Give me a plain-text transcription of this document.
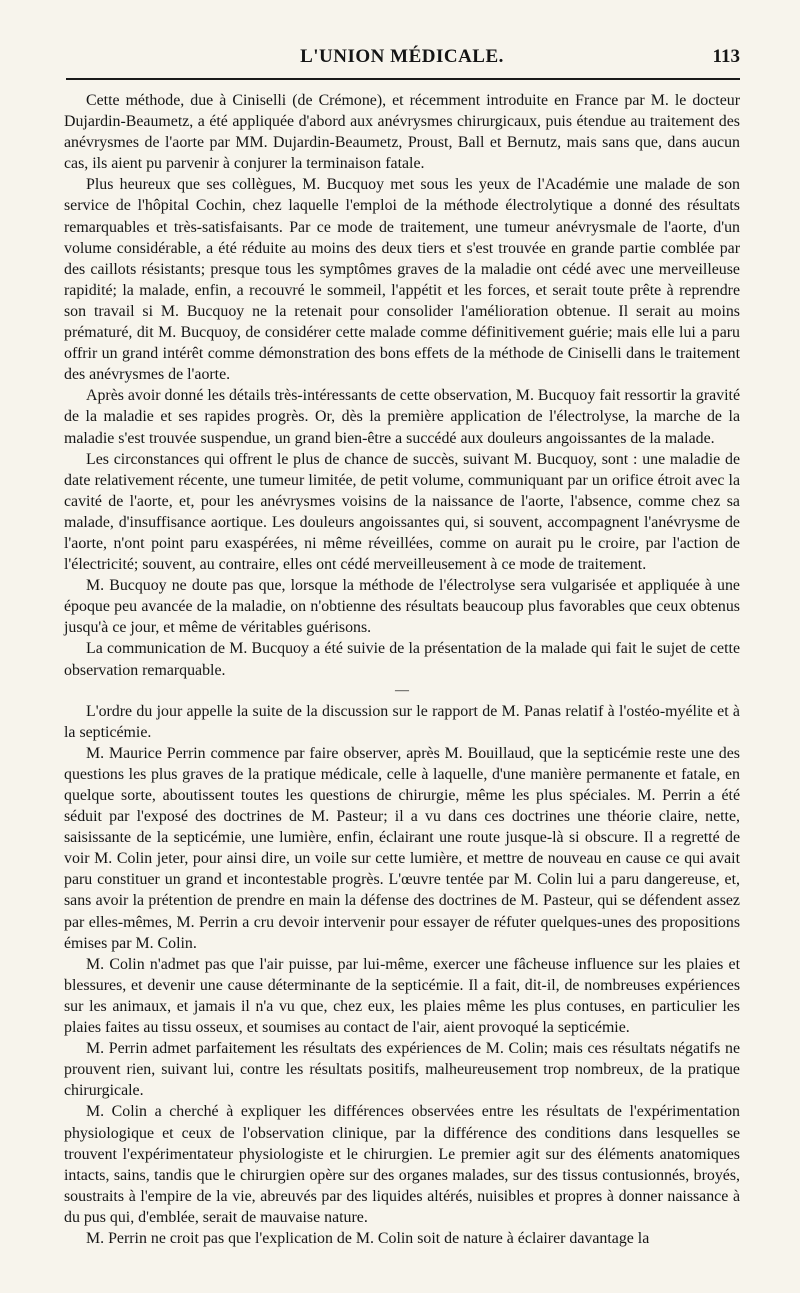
L'UNION MÉDICALE.	113

Cette méthode, due à Ciniselli (de Crémone), et récemment introduite en France par M. le docteur Dujardin-Beaumetz, a été appliquée d'abord aux anévrysmes chirurgicaux, puis étendue au traitement des anévrysmes de l'aorte par MM. Dujardin-Beaumetz, Proust, Ball et Bernutz, mais sans que, dans aucun cas, ils aient pu parvenir à conjurer la terminaison fatale.

Plus heureux que ses collègues, M. Bucquoy met sous les yeux de l'Académie une malade de son service de l'hôpital Cochin, chez laquelle l'emploi de la méthode électrolytique a donné des résultats remarquables et très-satisfaisants. Par ce mode de traitement, une tumeur anévrysmale de l'aorte, d'un volume considérable, a été réduite au moins des deux tiers et s'est trouvée en grande partie comblée par des caillots résistants; presque tous les symptômes graves de la maladie ont cédé avec une merveilleuse rapidité; la malade, enfin, a recouvré le sommeil, l'appétit et les forces, et serait toute prête à reprendre son travail si M. Bucquoy ne la retenait pour consolider l'amélioration obtenue. Il serait au moins prématuré, dit M. Bucquoy, de considérer cette malade comme définitivement guérie; mais elle lui a paru offrir un grand intérêt comme démonstration des bons effets de la méthode de Ciniselli dans le traitement des anévrysmes de l'aorte.

Après avoir donné les détails très-intéressants de cette observation, M. Bucquoy fait ressortir la gravité de la maladie et ses rapides progrès. Or, dès la première application de l'électrolyse, la marche de la maladie s'est trouvée suspendue, un grand bien-être a succédé aux douleurs angoissantes de la malade.

Les circonstances qui offrent le plus de chance de succès, suivant M. Bucquoy, sont : une maladie de date relativement récente, une tumeur limitée, de petit volume, communiquant par un orifice étroit avec la cavité de l'aorte, et, pour les anévrysmes voisins de la naissance de l'aorte, l'absence, comme chez sa malade, d'insuffisance aortique. Les douleurs angoissantes qui, si souvent, accompagnent l'anévrysme de l'aorte, n'ont point paru exaspérées, ni même réveillées, comme on aurait pu le croire, par l'action de l'électricité; souvent, au contraire, elles ont cédé merveilleusement à ce mode de traitement.

M. Bucquoy ne doute pas que, lorsque la méthode de l'électrolyse sera vulgarisée et appliquée à une époque peu avancée de la maladie, on n'obtienne des résultats beaucoup plus favorables que ceux obtenus jusqu'à ce jour, et même de véritables guérisons.

La communication de M. Bucquoy a été suivie de la présentation de la malade qui fait le sujet de cette observation remarquable.

—

L'ordre du jour appelle la suite de la discussion sur le rapport de M. Panas relatif à l'ostéo-myélite et à la septicémie.

M. Maurice Perrin commence par faire observer, après M. Bouillaud, que la septicémie reste une des questions les plus graves de la pratique médicale, celle à laquelle, d'une manière permanente et fatale, en quelque sorte, aboutissent toutes les questions de chirurgie, même les plus spéciales. M. Perrin a été séduit par l'exposé des doctrines de M. Pasteur; il a vu dans ces doctrines une théorie claire, nette, saisissante de la septicémie, une lumière, enfin, éclairant une route jusque-là si obscure. Il a regretté de voir M. Colin jeter, pour ainsi dire, un voile sur cette lumière, et mettre de nouveau en cause ce qui avait paru constituer un grand et incontestable progrès. L'œuvre tentée par M. Colin lui a paru dangereuse, et, sans avoir la prétention de prendre en main la défense des doctrines de M. Pasteur, qui se défendent assez par elles-mêmes, M. Perrin a cru devoir intervenir pour essayer de réfuter quelques-unes des propositions émises par M. Colin.

M. Colin n'admet pas que l'air puisse, par lui-même, exercer une fâcheuse influence sur les plaies et blessures, et devenir une cause déterminante de la septicémie. Il a fait, dit-il, de nombreuses expériences sur les animaux, et jamais il n'a vu que, chez eux, les plaies même les plus contuses, en particulier les plaies faites au tissu osseux, et soumises au contact de l'air, aient provoqué la septicémie.

M. Perrin admet parfaitement les résultats des expériences de M. Colin; mais ces résultats négatifs ne prouvent rien, suivant lui, contre les résultats positifs, malheureusement trop nombreux, de la pratique chirurgicale.

M. Colin a cherché à expliquer les différences observées entre les résultats de l'expérimentation physiologique et ceux de l'observation clinique, par la différence des conditions dans lesquelles se trouvent l'expérimentateur physiologiste et le chirurgien. Le premier agit sur des éléments anatomiques intacts, sains, tandis que le chirurgien opère sur des organes malades, sur des tissus contusionnés, broyés, soustraits à l'empire de la vie, abreuvés par des liquides altérés, nuisibles et propres à donner naissance à du pus qui, d'emblée, serait de mauvaise nature.

M. Perrin ne croit pas que l'explication de M. Colin soit de nature à éclairer davantage la
